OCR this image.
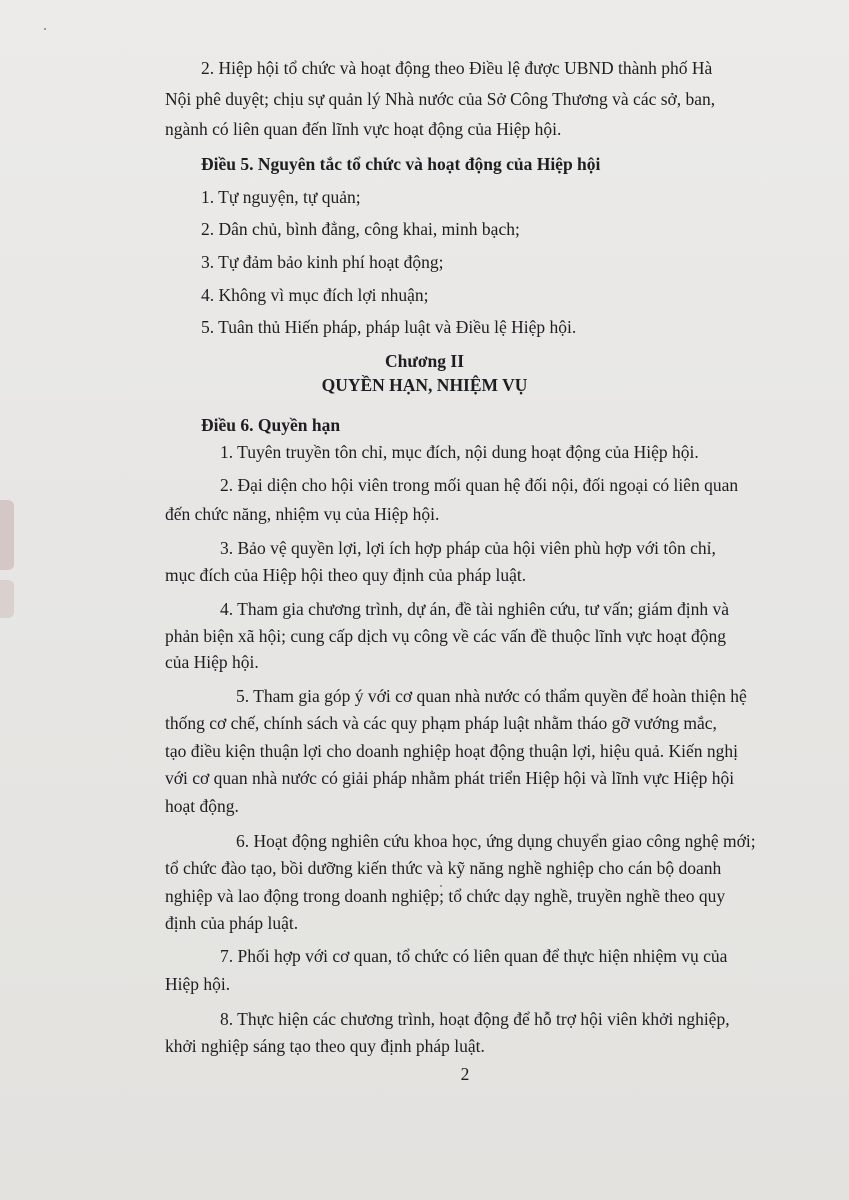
2. Hiệp hội tổ chức và hoạt động theo Điều lệ được UBND thành phố Hà
Nội phê duyệt; chịu sự quản lý Nhà nước của Sở Công Thương và các sở, ban,
ngành có liên quan đến lĩnh vực hoạt động của Hiệp hội.
Điều 5. Nguyên tắc tổ chức và hoạt động của Hiệp hội
1. Tự nguyện, tự quản;
2. Dân chủ, bình đẳng, công khai, minh bạch;
3. Tự đảm bảo kinh phí hoạt động;
4. Không vì mục đích lợi nhuận;
5. Tuân thủ Hiến pháp, pháp luật và Điều lệ Hiệp hội.
Chương II
QUYỀN HẠN, NHIỆM VỤ
Điều 6. Quyền hạn
1. Tuyên truyền tôn chỉ, mục đích, nội dung hoạt động của Hiệp hội.
2. Đại diện cho hội viên trong mối quan hệ đối nội, đối ngoại có liên quan
đến chức năng, nhiệm vụ của Hiệp hội.
3. Bảo vệ quyền lợi, lợi ích hợp pháp của hội viên phù hợp với tôn chỉ,
mục đích của Hiệp hội theo quy định của pháp luật.
4. Tham gia chương trình, dự án, đề tài nghiên cứu, tư vấn; giám định và
phản biện xã hội; cung cấp dịch vụ công về các vấn đề thuộc lĩnh vực hoạt động
của Hiệp hội.
5. Tham gia góp ý với cơ quan nhà nước có thẩm quyền để hoàn thiện hệ
thống cơ chế, chính sách và các quy phạm pháp luật nhằm tháo gỡ vướng mắc,
tạo điều kiện thuận lợi cho doanh nghiệp hoạt động thuận lợi, hiệu quả. Kiến nghị
với cơ quan nhà nước có giải pháp nhằm phát triển Hiệp hội và lĩnh vực Hiệp hội
hoạt động.
6. Hoạt động nghiên cứu khoa học, ứng dụng chuyển giao công nghệ mới;
tổ chức đào tạo, bồi dưỡng kiến thức và kỹ năng nghề nghiệp cho cán bộ doanh
nghiệp và lao động trong doanh nghiệp; tổ chức dạy nghề, truyền nghề theo quy
định của pháp luật.
7. Phối hợp với cơ quan, tổ chức có liên quan để thực hiện nhiệm vụ của
Hiệp hội.
8. Thực hiện các chương trình, hoạt động để hỗ trợ hội viên khởi nghiệp,
khởi nghiệp sáng tạo theo quy định pháp luật.
2
